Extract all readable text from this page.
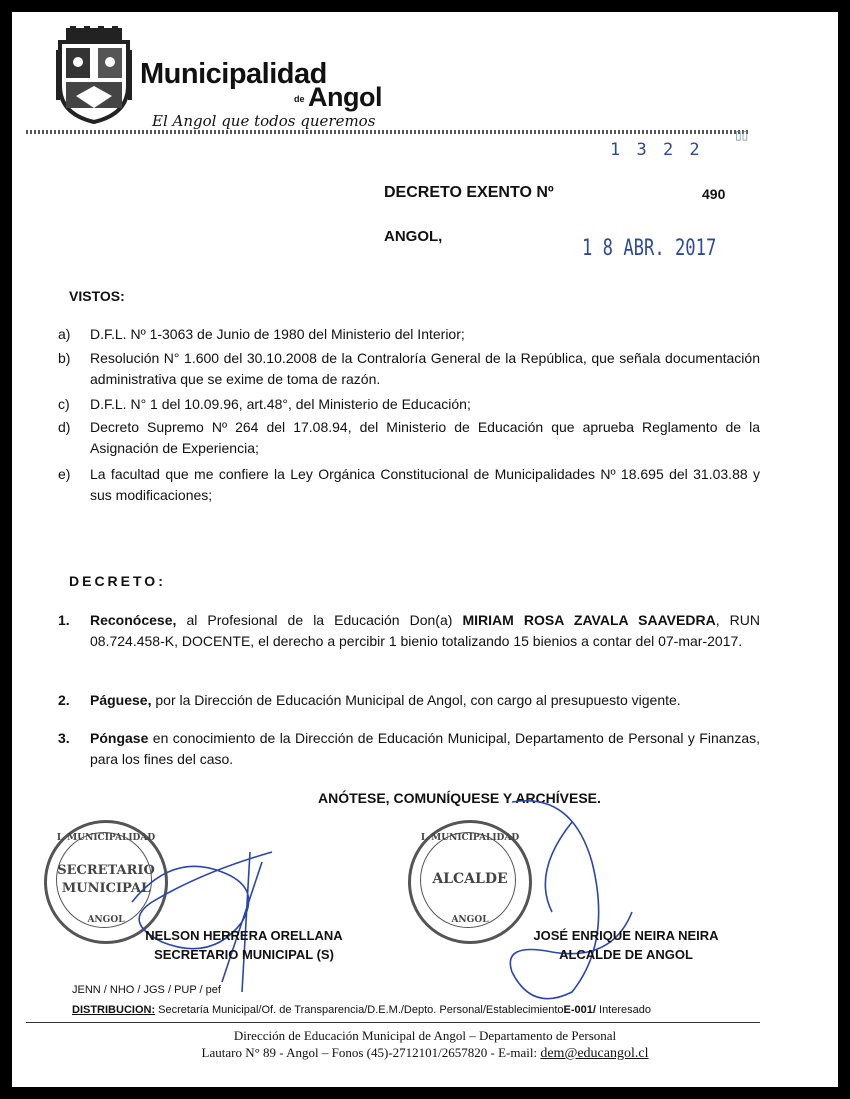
Municipalidad
de Angol
El Angol que todos queremos
1 3 2 2
▯▯
DECRETO EXENTO Nº	490
ANGOL,	1 8 ABR. 2017
VISTOS:
a) D.F.L. Nº 1-3063 de Junio de 1980 del Ministerio del Interior;
b) Resolución N° 1.600 del 30.10.2008 de la Contraloría General de la República, que señala documentación administrativa que se exime de toma de razón.
c) D.F.L. N° 1 del 10.09.96, art.48°, del Ministerio de Educación;
d) Decreto Supremo Nº 264 del 17.08.94, del Ministerio de Educación que aprueba Reglamento de la Asignación de Experiencia;
e) La facultad que me confiere la Ley Orgánica Constitucional de Municipalidades Nº 18.695 del 31.03.88 y sus modificaciones;
DECRETO:
1. Reconócese, al Profesional de la Educación Don(a) MIRIAM ROSA ZAVALA SAAVEDRA, RUN 08.724.458-K, DOCENTE, el derecho a percibir 1 bienio totalizando 15 bienios a contar del 07-mar-2017.
2. Páguese, por la Dirección de Educación Municipal de Angol, con cargo al presupuesto vigente.
3. Póngase en conocimiento de la Dirección de Educación Municipal, Departamento de Personal y Finanzas, para los fines del caso.
ANÓTESE, COMUNÍQUESE Y ARCHÍVESE.
I. MUNICIPALIDAD
SECRETARIO
MUNICIPAL
ANGOL
I. MUNICIPALIDAD
ALCALDE
ANGOL
NELSON HERRERA ORELLANA
SECRETARIO MUNICIPAL (S)
JOSÉ ENRIQUE NEIRA NEIRA
ALCALDE DE ANGOL
JENN / NHO / JGS / PUP / pef
DISTRIBUCION: Secretaría Municipal/Of. de Transparencia/D.E.M./Depto. Personal/EstablecimientoE-001/ Interesado
Dirección de Educación Municipal de Angol – Departamento de Personal
Lautaro N° 89 - Angol – Fonos (45)-2712101/2657820 - E-mail: dem@educangol.cl
